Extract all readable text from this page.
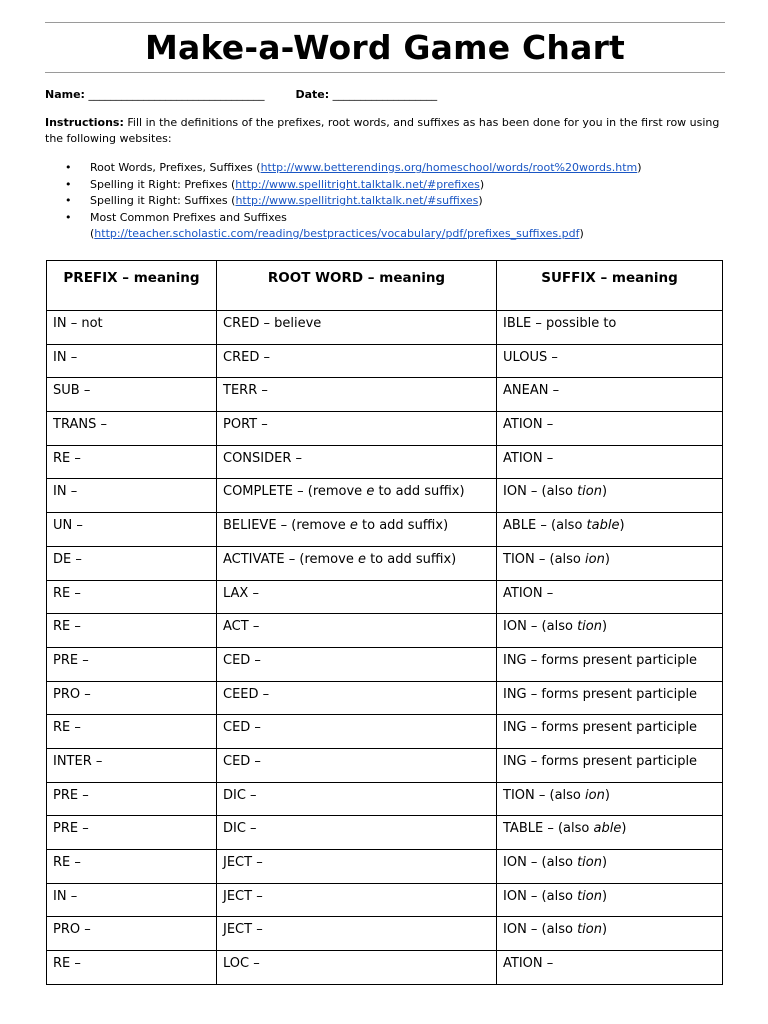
Make-a-Word Game Chart
Name: ________________________________	Date: ___________________
Instructions: Fill in the definitions of the prefixes, root words, and suffixes as has been done for you in the first row using the following websites:
• Root Words, Prefixes, Suffixes (http://www.betterendings.org/homeschool/words/root%20words.htm)
• Spelling it Right: Prefixes (http://www.spellitright.talktalk.net/#prefixes)
• Spelling it Right: Suffixes (http://www.spellitright.talktalk.net/#suffixes)
• Most Common Prefixes and Suffixes
(http://teacher.scholastic.com/reading/bestpractices/vocabulary/pdf/prefixes_suffixes.pdf)
PREFIX – meaning	ROOT WORD – meaning	SUFFIX – meaning
IN – not	CRED – believe	IBLE – possible to
IN –	CRED –	ULOUS –
SUB –	TERR –	ANEAN –
TRANS –	PORT –	ATION –
RE –	CONSIDER –	ATION –
IN –	COMPLETE – (remove e to add suffix)	ION – (also tion)
UN –	BELIEVE – (remove e to add suffix)	ABLE – (also table)
DE –	ACTIVATE – (remove e to add suffix)	TION – (also ion)
RE –	LAX –	ATION –
RE –	ACT –	ION – (also tion)
PRE –	CED –	ING – forms present participle
PRO –	CEED –	ING – forms present participle
RE –	CED –	ING – forms present participle
INTER –	CED –	ING – forms present participle
PRE –	DIC –	TION – (also ion)
PRE –	DIC –	TABLE – (also able)
RE –	JECT –	ION – (also tion)
IN –	JECT –	ION – (also tion)
PRO –	JECT –	ION – (also tion)
RE –	LOC –	ATION –
